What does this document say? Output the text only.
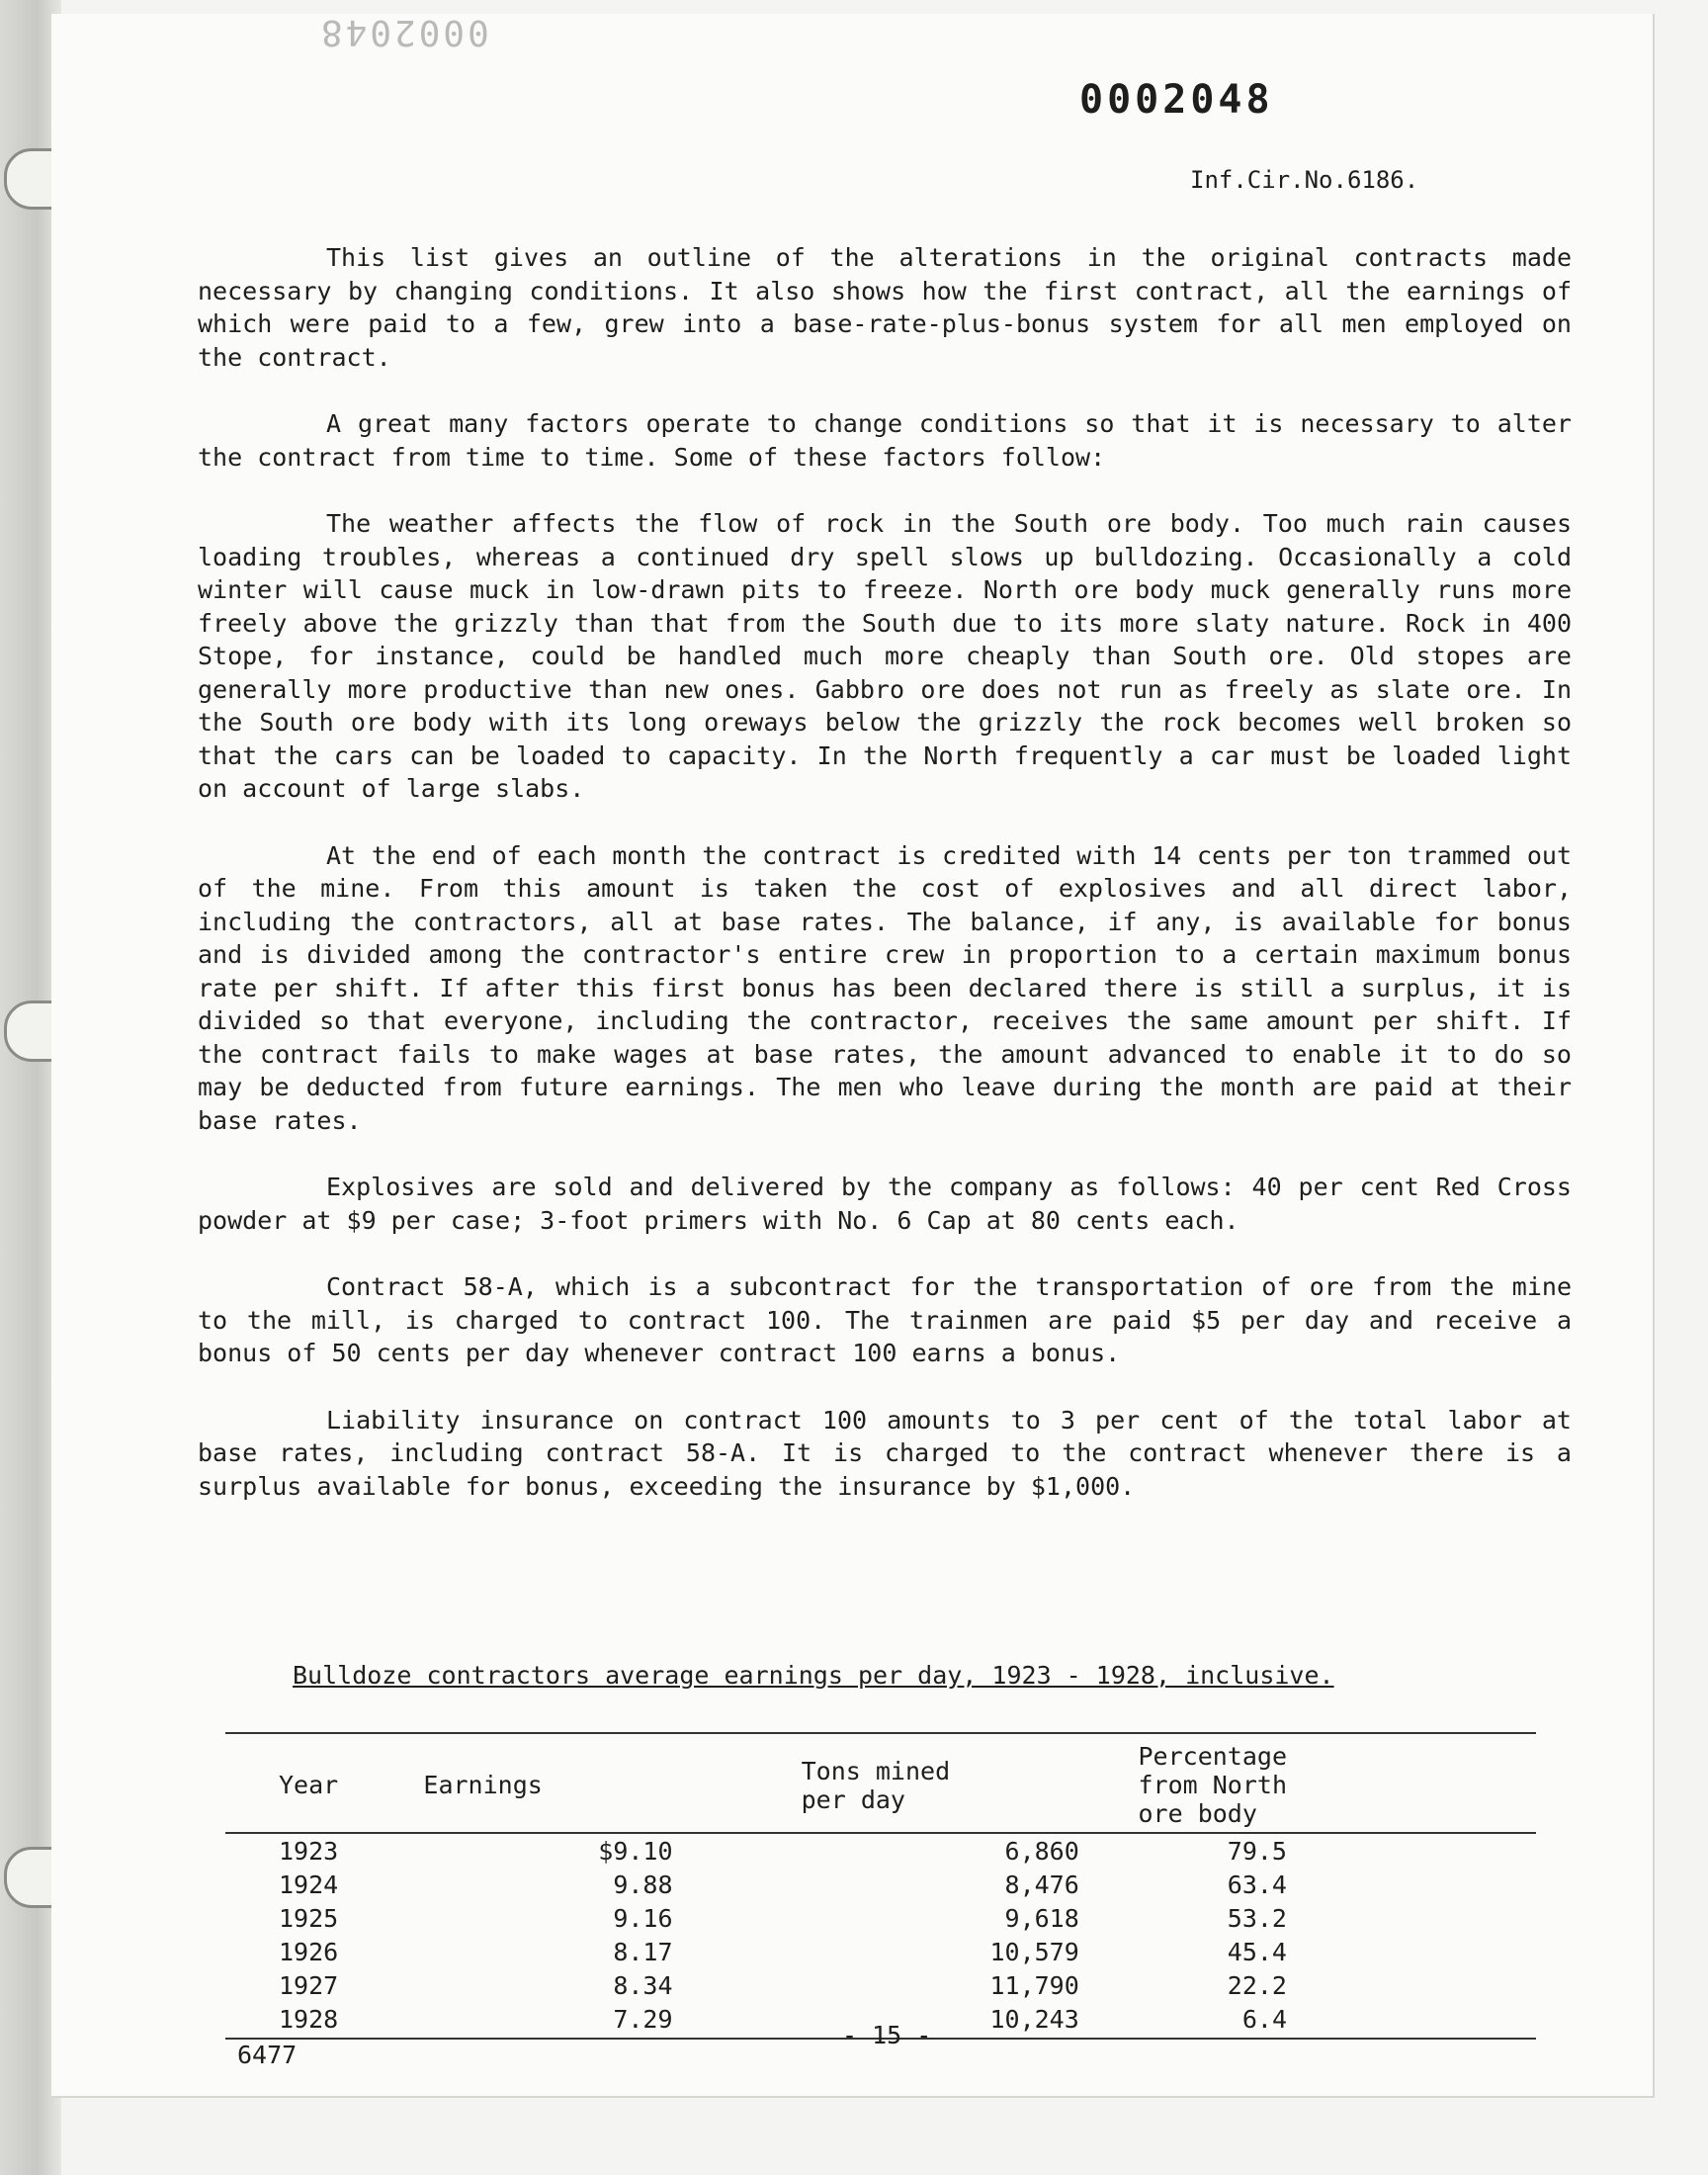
0002048
0002048
Inf.Cir.No.6186.

This list gives an outline of the alterations in the original contracts made necessary by changing conditions. It also shows how the first contract, all the earnings of which were paid to a few, grew into a base-rate-plus-bonus system for all men employed on the contract.

A great many factors operate to change conditions so that it is necessary to alter the contract from time to time. Some of these factors follow:

The weather affects the flow of rock in the South ore body. Too much rain causes loading troubles, whereas a continued dry spell slows up bulldozing. Occasionally a cold winter will cause muck in low-drawn pits to freeze. North ore body muck generally runs more freely above the grizzly than that from the South due to its more slaty nature. Rock in 400 Stope, for instance, could be handled much more cheaply than South ore. Old stopes are generally more productive than new ones. Gabbro ore does not run as freely as slate ore. In the South ore body with its long oreways below the grizzly the rock becomes well broken so that the cars can be loaded to capacity. In the North frequently a car must be loaded light on account of large slabs.

At the end of each month the contract is credited with 14 cents per ton trammed out of the mine. From this amount is taken the cost of explosives and all direct labor, including the contractors, all at base rates. The balance, if any, is available for bonus and is divided among the contractor's entire crew in proportion to a certain maximum bonus rate per shift. If after this first bonus has been declared there is still a surplus, it is divided so that everyone, including the contractor, receives the same amount per shift. If the contract fails to make wages at base rates, the amount advanced to enable it to do so may be deducted from future earnings. The men who leave during the month are paid at their base rates.

Explosives are sold and delivered by the company as follows: 40 per cent Red Cross powder at $9 per case; 3-foot primers with No. 6 Cap at 80 cents each.

Contract 58-A, which is a subcontract for the transportation of ore from the mine to the mill, is charged to contract 100. The trainmen are paid $5 per day and receive a bonus of 50 cents per day whenever contract 100 earns a bonus.

Liability insurance on contract 100 amounts to 3 per cent of the total labor at base rates, including contract 58-A. It is charged to the contract whenever there is a surplus available for bonus, exceeding the insurance by $1,000.

Bulldoze contractors average earnings per day, 1923 - 1928, inclusive.
Year	Earnings	Tons mined per day	Percentage from North ore body
1923	$9.10	6,860	79.5
1924	9.88	8,476	63.4
1925	9.16	9,618	53.2
1926	8.17	10,579	45.4
1927	8.34	11,790	22.2
1928	7.29	10,243	6.4
6477
- 15 -
